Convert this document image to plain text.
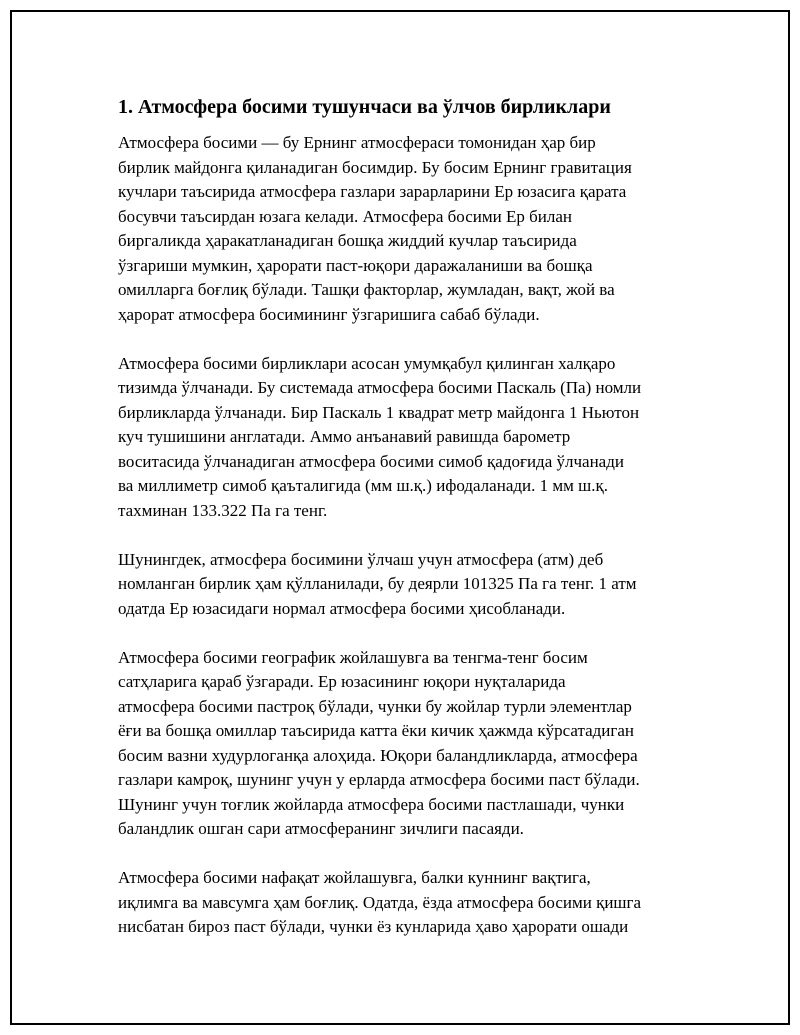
1. Атмосфера босими тушунчаси ва ўлчов бирликлари

Атмосфера босими — бу Ернинг атмосфераси томонидан ҳар бир
бирлик майдонга қиланадиган босимдир. Бу босим Ернинг гравитация
кучлари таъсирида атмосфера газлари зарарларини Ер юзасига қарата
босувчи таъсирдан юзага келади. Атмосфера босими Ер билан
биргаликда ҳаракатланадиган бошқа жиддий кучлар таъсирида
ўзгариши мумкин, ҳарорати паст-юқори даражаланиши ва бошқа
омилларга боғлиқ бўлади. Ташқи факторлар, жумладан, вақт, жой ва
ҳарорат атмосфера босимининг ўзгаришига сабаб бўлади.

Атмосфера босими бирликлари асосан умумқабул қилинган халқаро
тизимда ўлчанади. Бу системада атмосфера босими Паскаль (Па) номли
бирликларда ўлчанади. Бир Паскаль 1 квадрат метр майдонга 1 Ньютон
куч тушишини англатади. Аммо анъанавий равишда барометр
воситасида ўлчанадиган атмосфера босими симоб қадоғида ўлчанади
ва миллиметр симоб қаъталигида (мм ш.қ.) ифодаланади. 1 мм ш.қ.
тахминан 133.322 Па га тенг.

Шунингдек, атмосфера босимини ўлчаш учун атмосфера (атм) деб
номланган бирлик ҳам қўлланилади, бу деярли 101325 Па га тенг. 1 атм
одатда Ер юзасидаги нормал атмосфера босими ҳисобланади.

Атмосфера босими географик жойлашувга ва тенгма-тенг босим
сатҳларига қараб ўзгаради. Ер юзасининг юқори нуқталарида
атмосфера босими пастроқ бўлади, чунки бу жойлар турли элементлар
ёғи ва бошқа омиллар таъсирида катта ёки кичик ҳажмда кўрсатадиган
босим вазни худурлоганқа алоҳида. Юқори баландликларда, атмосфера
газлари камроқ, шунинг учун у ерларда атмосфера босими паст бўлади.
Шунинг учун тоғлик жойларда атмосфера босими пастлашади, чунки
баландлик ошган сари атмосферанинг зичлиги пасаяди.

Атмосфера босими нафақат жойлашувга, балки куннинг вақтига,
иқлимга ва мавсумга ҳам боғлиқ. Одатда, ёзда атмосфера босими қишга
нисбатан бироз паст бўлади, чунки ёз кунларида ҳаво ҳарорати ошади
